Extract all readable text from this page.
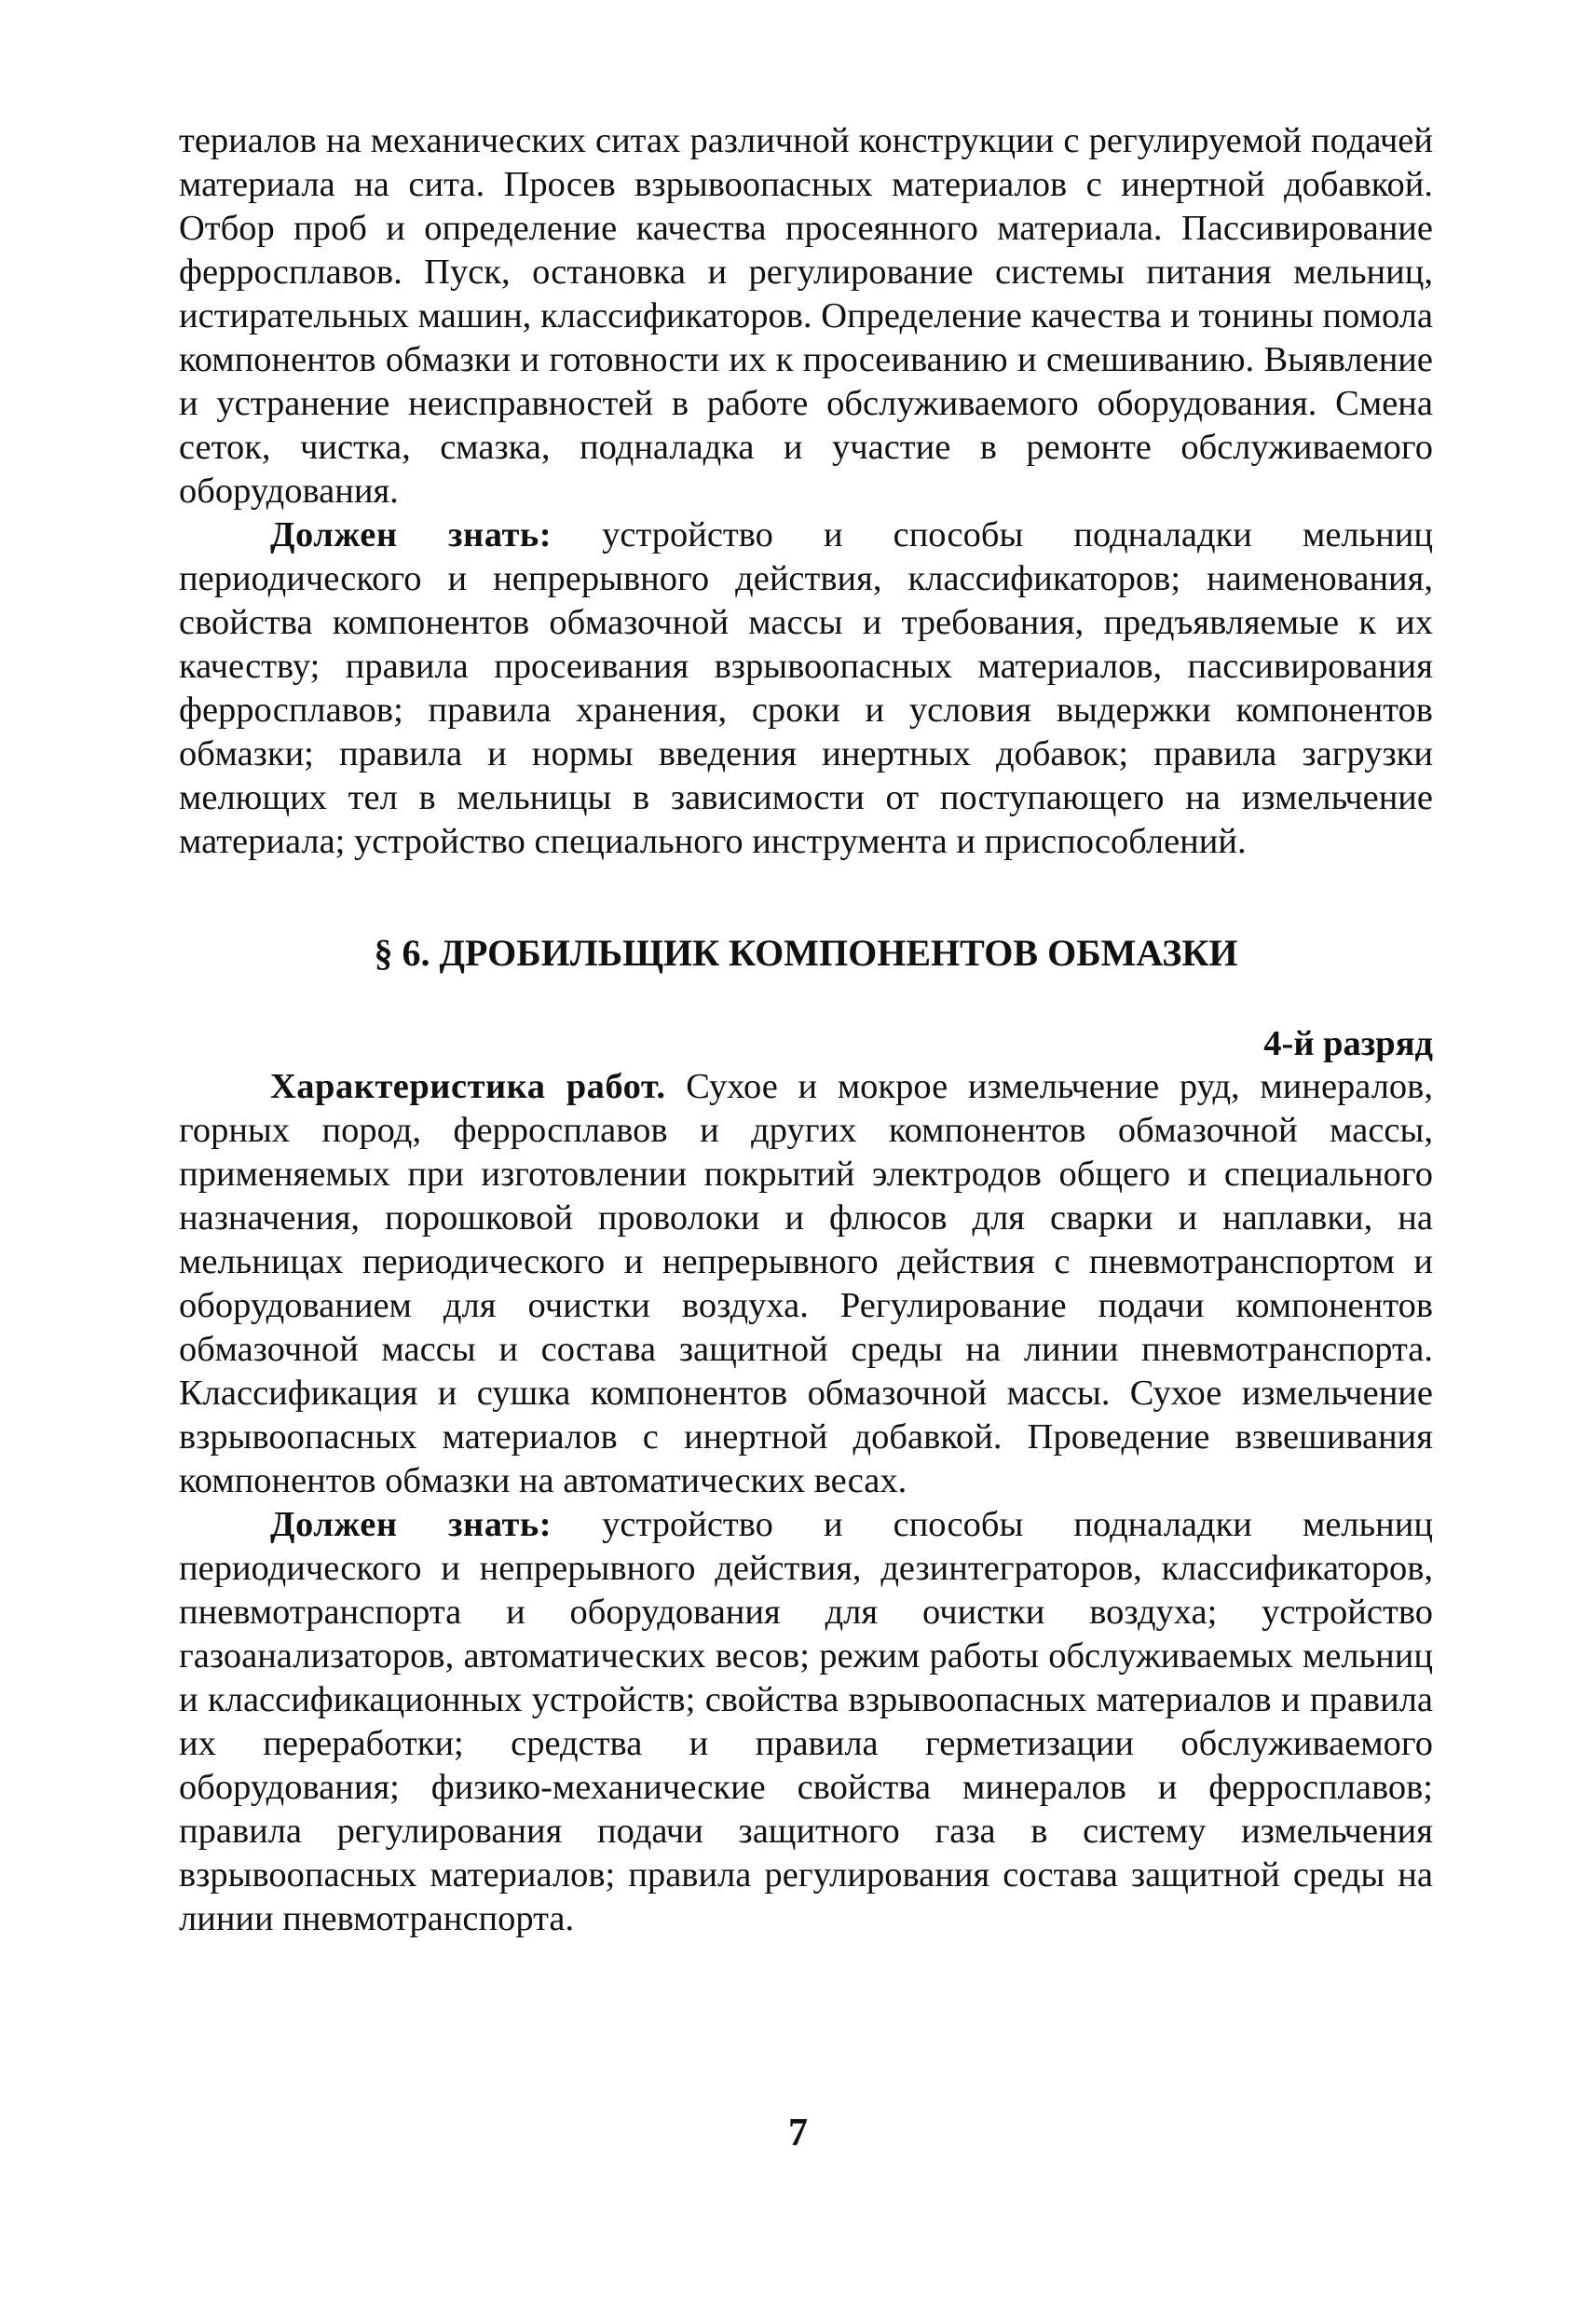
териалов на механических ситах различной конструкции с регулируемой подачей материала на сита. Просев взрывоопасных материалов с инертной добавкой. Отбор проб и определение качества просеянного материала. Пассивирование ферросплавов. Пуск, остановка и регулирование системы питания мельниц, истирательных машин, классификаторов. Определение качества и тонины помола компонентов обмазки и готовности их к просеиванию и смешиванию. Выявление и устранение неисправностей в работе обслуживаемого оборудования. Смена сеток, чистка, смазка, подналадка и участие в ремонте обслуживаемого оборудования.

Должен знать: устройство и способы подналадки мельниц периодического и непрерывного действия, классификаторов; наименования, свойства компонентов обмазочной массы и требования, предъявляемые к их качеству; правила просеивания взрывоопасных материалов, пассивирования ферросплавов; правила хранения, сроки и условия выдержки компонентов обмазки; правила и нормы введения инертных добавок; правила загрузки мелющих тел в мельницы в зависимости от поступающего на измельчение материала; устройство специального инструмента и приспособлений.

§ 6. ДРОБИЛЬЩИК КОМПОНЕНТОВ ОБМАЗКИ

4-й разряд

Характеристика работ. Сухое и мокрое измельчение руд, минералов, горных пород, ферросплавов и других компонентов обмазочной массы, применяемых при изготовлении покрытий электродов общего и специального назначения, порошковой проволоки и флюсов для сварки и наплавки, на мельницах периодического и непрерывного действия с пневмотранспортом и оборудованием для очистки воздуха. Регулирование подачи компонентов обмазочной массы и состава защитной среды на линии пневмотранспорта. Классификация и сушка компонентов обмазочной массы. Сухое измельчение взрывоопасных материалов с инертной добавкой. Проведение взвешивания компонентов обмазки на автоматических весах.

Должен знать: устройство и способы подналадки мельниц периодического и непрерывного действия, дезинтеграторов, классификаторов, пневмотранспорта и оборудования для очистки воздуха; устройство газоанализаторов, автоматических весов; режим работы обслуживаемых мельниц и классификационных устройств; свойства взрывоопасных материалов и правила их переработки; средства и правила герметизации обслуживаемого оборудования; физико-механические свойства минералов и ферросплавов; правила регулирования подачи защитного газа в систему измельчения взрывоопасных материалов; правила регулирования состава защитной среды на линии пневмотранспорта.

7
